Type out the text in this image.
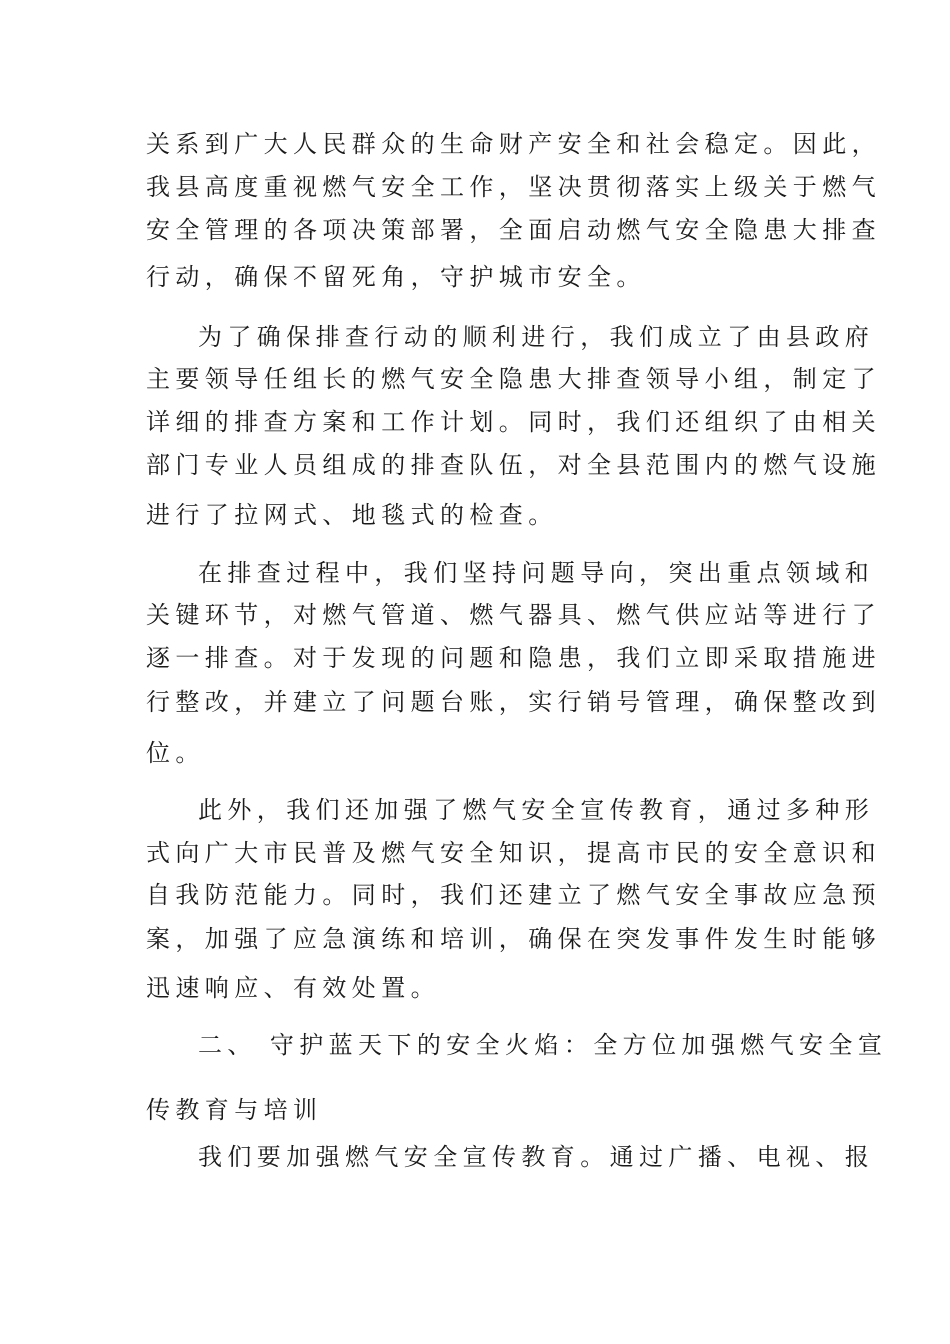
关系到广大人民群众的生命财产安全和社会稳定。因此，
我县高度重视燃气安全工作，坚决贯彻落实上级关于燃气
安全管理的各项决策部署，全面启动燃气安全隐患大排查
行动，确保不留死角，守护城市安全。
为了确保排查行动的顺利进行，我们成立了由县政府
主要领导任组长的燃气安全隐患大排查领导小组，制定了
详细的排查方案和工作计划。同时，我们还组织了由相关
部门专业人员组成的排查队伍，对全县范围内的燃气设施
进行了拉网式、地毯式的检查。
在排查过程中，我们坚持问题导向，突出重点领域和
关键环节，对燃气管道、燃气器具、燃气供应站等进行了
逐一排查。对于发现的问题和隐患，我们立即采取措施进
行整改，并建立了问题台账，实行销号管理，确保整改到
位。
此外，我们还加强了燃气安全宣传教育，通过多种形
式向广大市民普及燃气安全知识，提高市民的安全意识和
自我防范能力。同时，我们还建立了燃气安全事故应急预
案，加强了应急演练和培训，确保在突发事件发生时能够
迅速响应、有效处置。
二、 守护蓝天下的安全火焰：全方位加强燃气安全宣
传教育与培训
我们要加强燃气安全宣传教育。通过广播、电视、报
